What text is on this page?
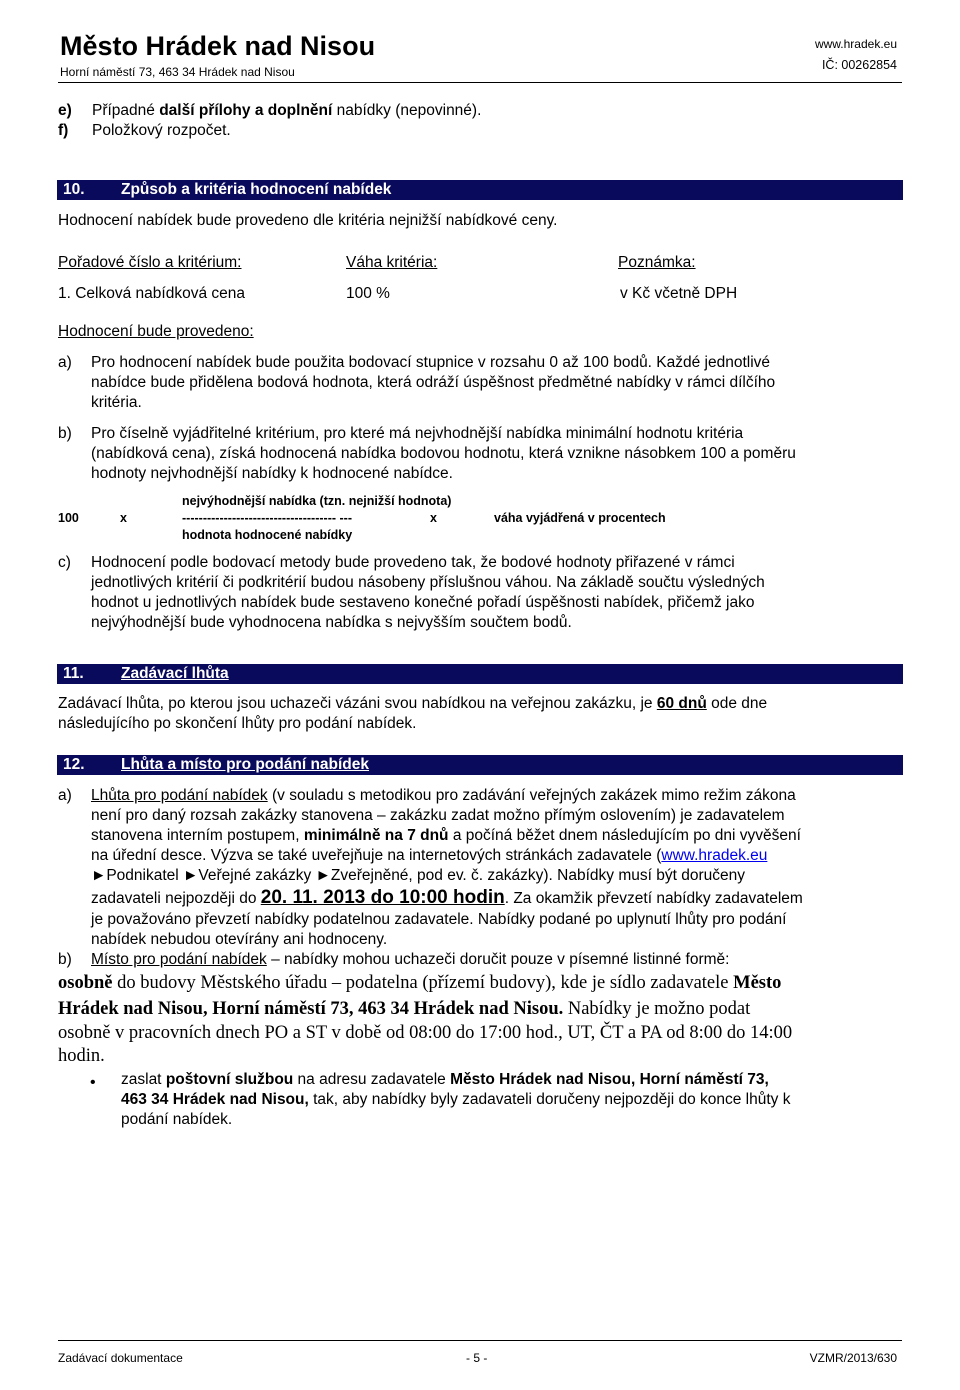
Město Hrádek nad Nisou
Horní náměstí 73, 463 34 Hrádek nad Nisou
www.hradek.eu
IČ: 00262854
e)	Případné další přílohy a doplnění nabídky (nepovinné).
f)	Položkový rozpočet.
10. Způsob a kritéria hodnocení nabídek
Hodnocení nabídek bude provedeno dle kritéria nejnižší nabídkové ceny.
Pořadové číslo a kritérium:	Váha kritéria:	Poznámka:
1. Celková nabídková cena	100 %	v Kč včetně DPH
Hodnocení bude provedeno:
a) Pro hodnocení nabídek bude použita bodovací stupnice v rozsahu 0 až 100 bodů. Každé jednotlivé
nabídce bude přidělena bodová hodnota, která odráží úspěšnost předmětné nabídky v rámci dílčího
kritéria.
b) Pro číselně vyjádřitelné kritérium, pro které má nejvhodnější nabídka minimální hodnotu kritéria
(nabídková cena), získá hodnocená nabídka bodovou hodnotu, která vznikne násobkem 100 a poměru
hodnoty nejvhodnější nabídky k hodnocené nabídce.
nejvýhodnější nabídka (tzn. nejnižší hodnota)
100	x	------------------------------------- ---	x	váha vyjádřená v procentech
hodnota hodnocené nabídky
c) Hodnocení podle bodovací metody bude provedeno tak, že bodové hodnoty přiřazené v rámci
jednotlivých kritérií či podkritérií budou násobeny příslušnou váhou. Na základě součtu výsledných
hodnot u jednotlivých nabídek bude sestaveno konečné pořadí úspěšnosti nabídek, přičemž jako
nejvýhodnější bude vyhodnocena nabídka s nejvyšším součtem bodů.
11. Zadávací lhůta
Zadávací lhůta, po kterou jsou uchazeči vázáni svou nabídkou na veřejnou zakázku, je 60 dnů ode dne
následujícího po skončení lhůty pro podání nabídek.
12. Lhůta a místo pro podání nabídek
a) Lhůta pro podání nabídek (v souladu s metodikou pro zadávání veřejných zakázek mimo režim zákona
není pro daný rozsah zakázky stanovena – zakázku zadat možno přímým oslovením) je zadavatelem
stanovena interním postupem, minimálně na 7 dnů a počíná běžet dnem následujícím po dni vyvěšení
na úřední desce. Výzva se také uveřejňuje na internetových stránkách zadavatele (www.hradek.eu
►Podnikatel ►Veřejné zakázky ►Zveřejněné, pod ev. č. zakázky). Nabídky musí být doručeny
zadavateli nejpozději do 20. 11. 2013 do 10:00 hodin. Za okamžik převzetí nabídky zadavatelem
je považováno převzetí nabídky podatelnou zadavatele. Nabídky podané po uplynutí lhůty pro podání
nabídek nebudou otevírány ani hodnoceny.
b) Místo pro podání nabídek – nabídky mohou uchazeči doručit pouze v písemné listinné formě:
osobně do budovy Městského úřadu – podatelna (přízemí budovy), kde je sídlo zadavatele Město
Hrádek nad Nisou, Horní náměstí 73, 463 34 Hrádek nad Nisou. Nabídky je možno podat
osobně v pracovních dnech PO a ST v době od 08:00 do 17:00 hod., UT, ČT a PA od 8:00 do 14:00
hodin.
• zaslat poštovní službou na adresu zadavatele Město Hrádek nad Nisou, Horní náměstí 73,
463 34 Hrádek nad Nisou, tak, aby nabídky byly zadavateli doručeny nejpozději do konce lhůty k
podání nabídek.
Zadávací dokumentace	- 5 -	VZMR/2013/630
